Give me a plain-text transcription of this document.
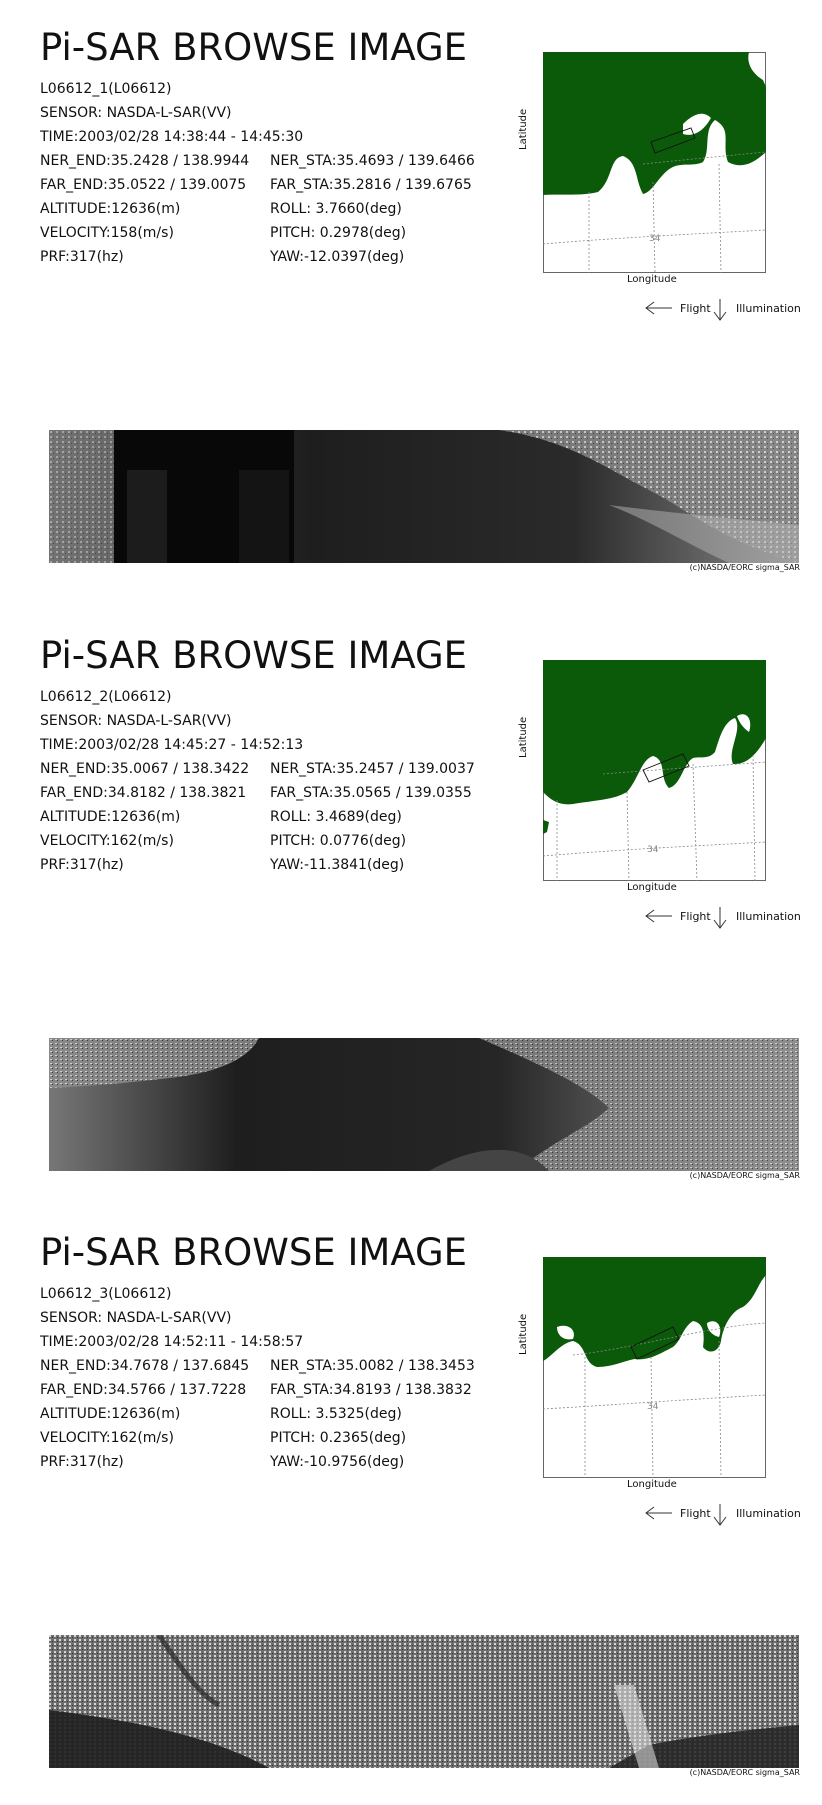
Pi-SAR BROWSE IMAGE
L06612_1(L06612)
SENSOR: NASDA-L-SAR(VV)
TIME:2003/02/28 14:38:44 - 14:45:30
NER_END:35.2428 / 138.9944
FAR_END:35.0522 / 139.0075
ALTITUDE:12636(m)
VELOCITY:158(m/s)
PRF:317(hz)
NER_STA:35.4693 / 139.6466
FAR_STA:35.2816 / 139.6765
ROLL: 3.7660(deg)
PITCH: 0.2978(deg)
YAW:-12.0397(deg)
34
Latitude
Longitude
Flight Illumination
(c)NASDA/EORC sigma_SAR
Pi-SAR BROWSE IMAGE
L06612_2(L06612)
SENSOR: NASDA-L-SAR(VV)
TIME:2003/02/28 14:45:27 - 14:52:13
NER_END:35.0067 / 138.3422
FAR_END:34.8182 / 138.3821
ALTITUDE:12636(m)
VELOCITY:162(m/s)
PRF:317(hz)
NER_STA:35.2457 / 139.0037
FAR_STA:35.0565 / 139.0355
ROLL: 3.4689(deg)
PITCH: 0.0776(deg)
YAW:-11.3841(deg)
34
Latitude
Longitude
Flight Illumination
(c)NASDA/EORC sigma_SAR
Pi-SAR BROWSE IMAGE
L06612_3(L06612)
SENSOR: NASDA-L-SAR(VV)
TIME:2003/02/28 14:52:11 - 14:58:57
NER_END:34.7678 / 137.6845
FAR_END:34.5766 / 137.7228
ALTITUDE:12636(m)
VELOCITY:162(m/s)
PRF:317(hz)
NER_STA:35.0082 / 138.3453
FAR_STA:34.8193 / 138.3832
ROLL: 3.5325(deg)
PITCH: 0.2365(deg)
YAW:-10.9756(deg)
34
Latitude
Longitude
Flight Illumination
(c)NASDA/EORC sigma_SAR
